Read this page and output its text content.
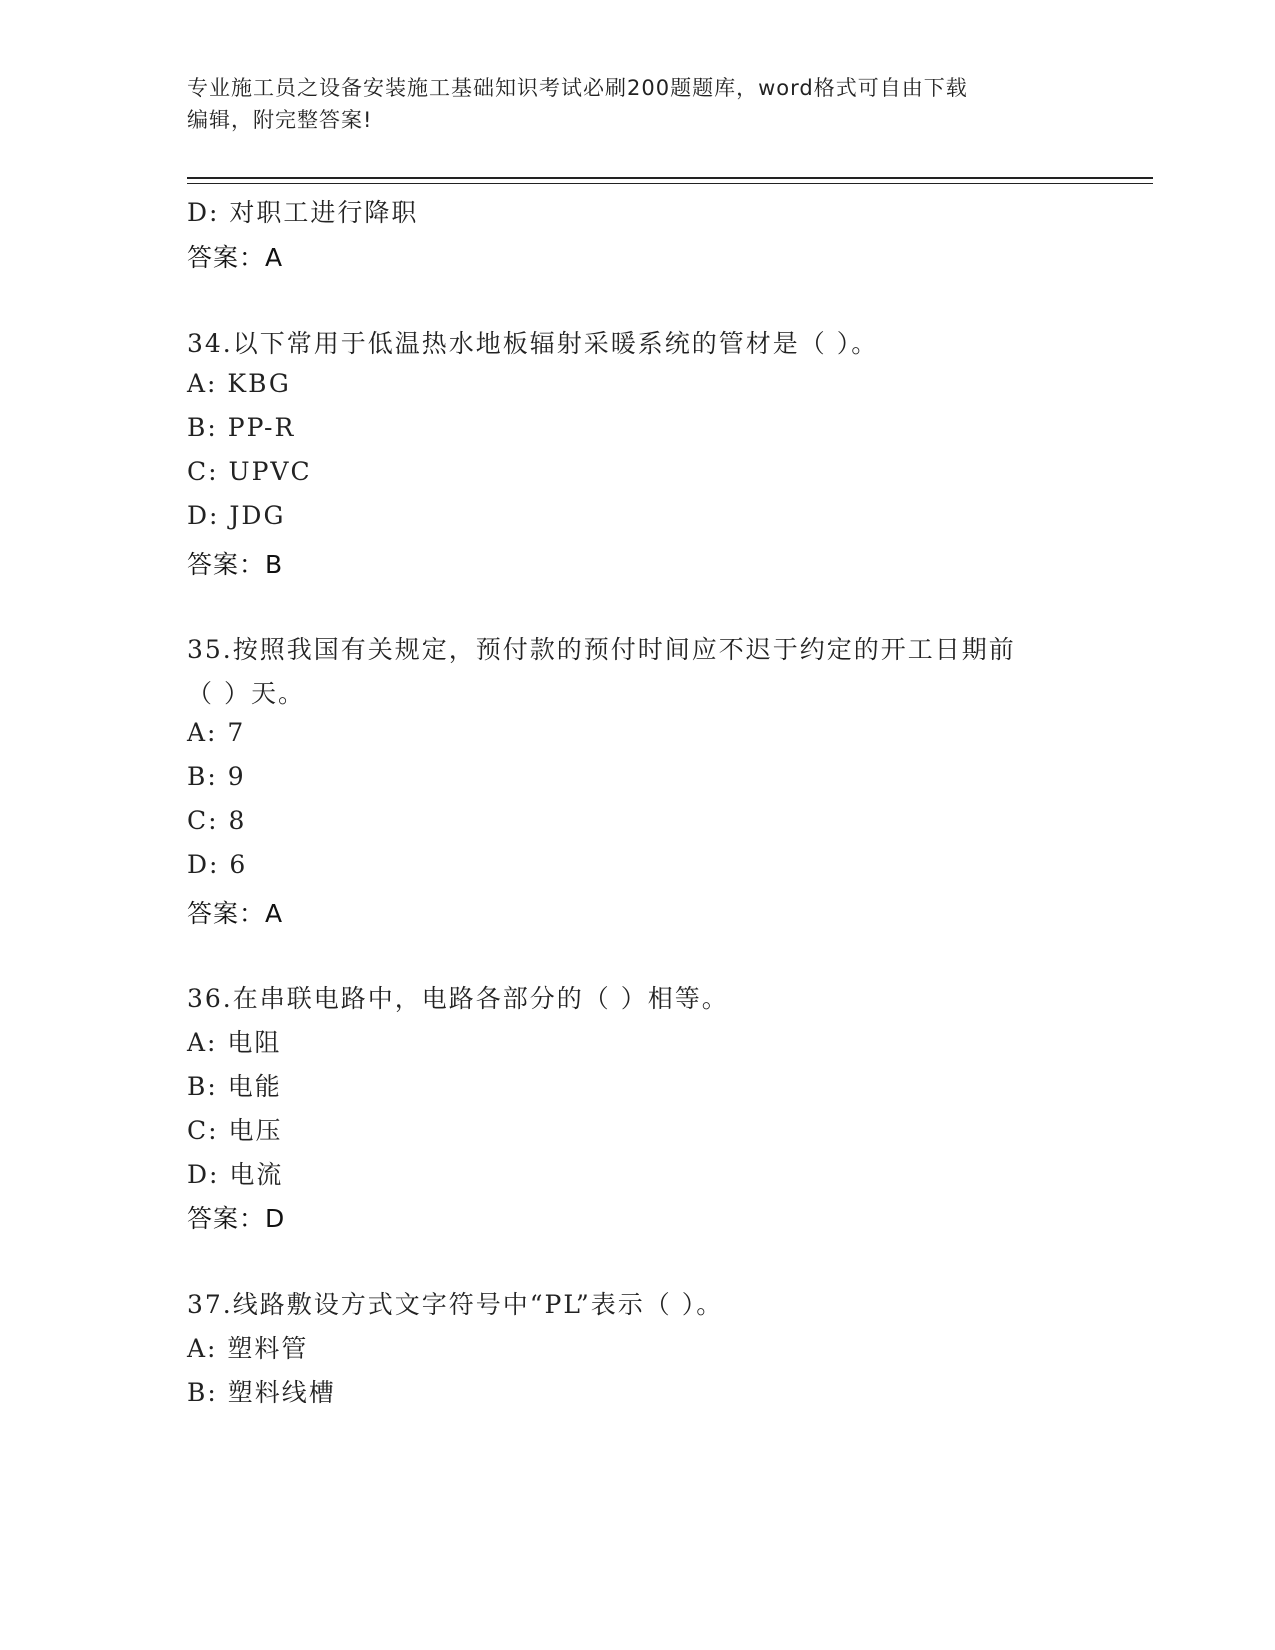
专业施工员之设备安装施工基础知识考试必刷200题题库，word格式可自由下载
编辑，附完整答案!
D: 对职工进行降职
答案：A
34.以下常用于低温热水地板辐射采暖系统的管材是（ ）。
A: KBG
B: PP-R
C: UPVC
D: JDG
答案：B
35.按照我国有关规定，预付款的预付时间应不迟于约定的开工日期前
（ ）天。
A: 7
B: 9
C: 8
D: 6
答案：A
36.在串联电路中，电路各部分的（ ）相等。
A: 电阻
B: 电能
C: 电压
D: 电流
答案：D
37.线路敷设方式文字符号中“PL”表示（ ）。
A: 塑料管
B: 塑料线槽
